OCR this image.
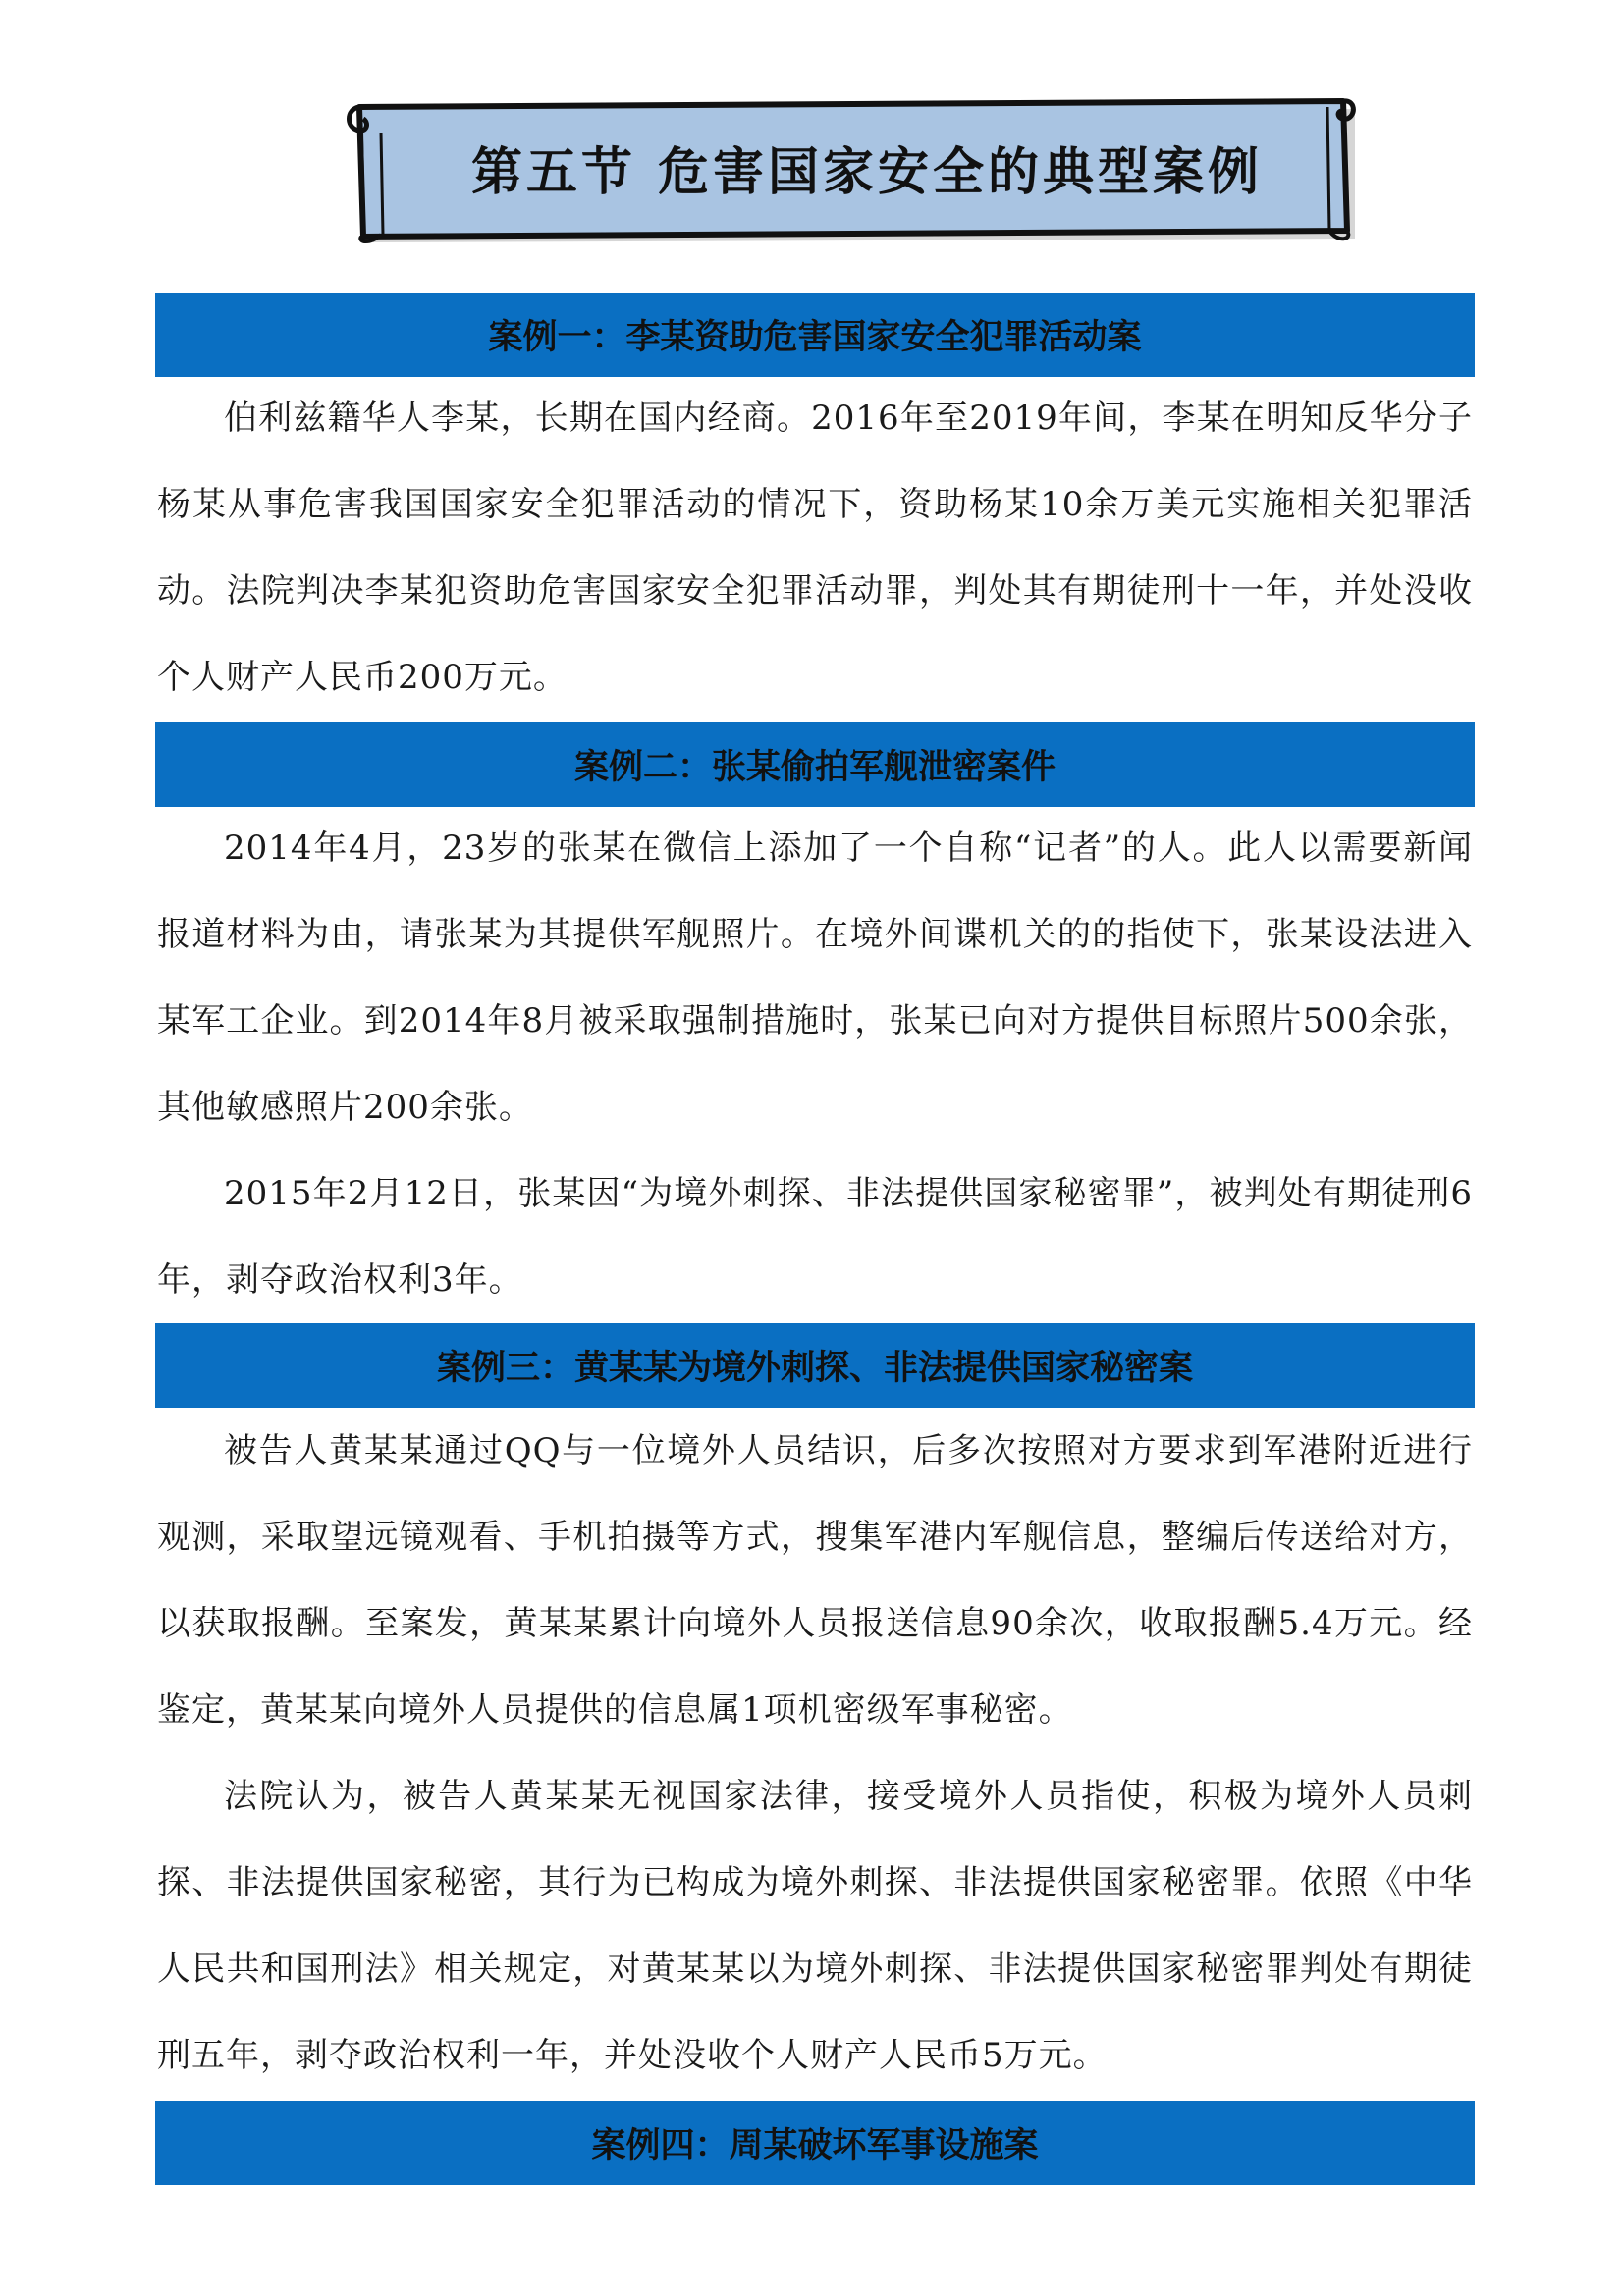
第五节 危害国家安全的典型案例
案例一：李某资助危害国家安全犯罪活动案

伯利兹籍华人李某，长期在国内经商。2016年至2019年间，李某在明知反华分子杨某从事危害我国国家安全犯罪活动的情况下，资助杨某10余万美元实施相关犯罪活动。法院判决李某犯资助危害国家安全犯罪活动罪，判处其有期徒刑十一年，并处没收个人财产人民币200万元。

案例二：张某偷拍军舰泄密案件

2014年4月，23岁的张某在微信上添加了一个自称“记者”的人。此人以需要新闻报道材料为由，请张某为其提供军舰照片。在境外间谍机关的的指使下，张某设法进入某军工企业。到2014年8月被采取强制措施时，张某已向对方提供目标照片500余张，其他敏感照片200余张。

2015年2月12日，张某因“为境外刺探、非法提供国家秘密罪”，被判处有期徒刑6年，剥夺政治权利3年。

案例三：黄某某为境外刺探、非法提供国家秘密案

被告人黄某某通过QQ与一位境外人员结识，后多次按照对方要求到军港附近进行观测，采取望远镜观看、手机拍摄等方式，搜集军港内军舰信息，整编后传送给对方，以获取报酬。至案发，黄某某累计向境外人员报送信息90余次，收取报酬5.4万元。经鉴定，黄某某向境外人员提供的信息属1项机密级军事秘密。

法院认为，被告人黄某某无视国家法律，接受境外人员指使，积极为境外人员刺探、非法提供国家秘密，其行为已构成为境外刺探、非法提供国家秘密罪。依照《中华人民共和国刑法》相关规定，对黄某某以为境外刺探、非法提供国家秘密罪判处有期徒刑五年，剥夺政治权利一年，并处没收个人财产人民币5万元。

案例四：周某破坏军事设施案
